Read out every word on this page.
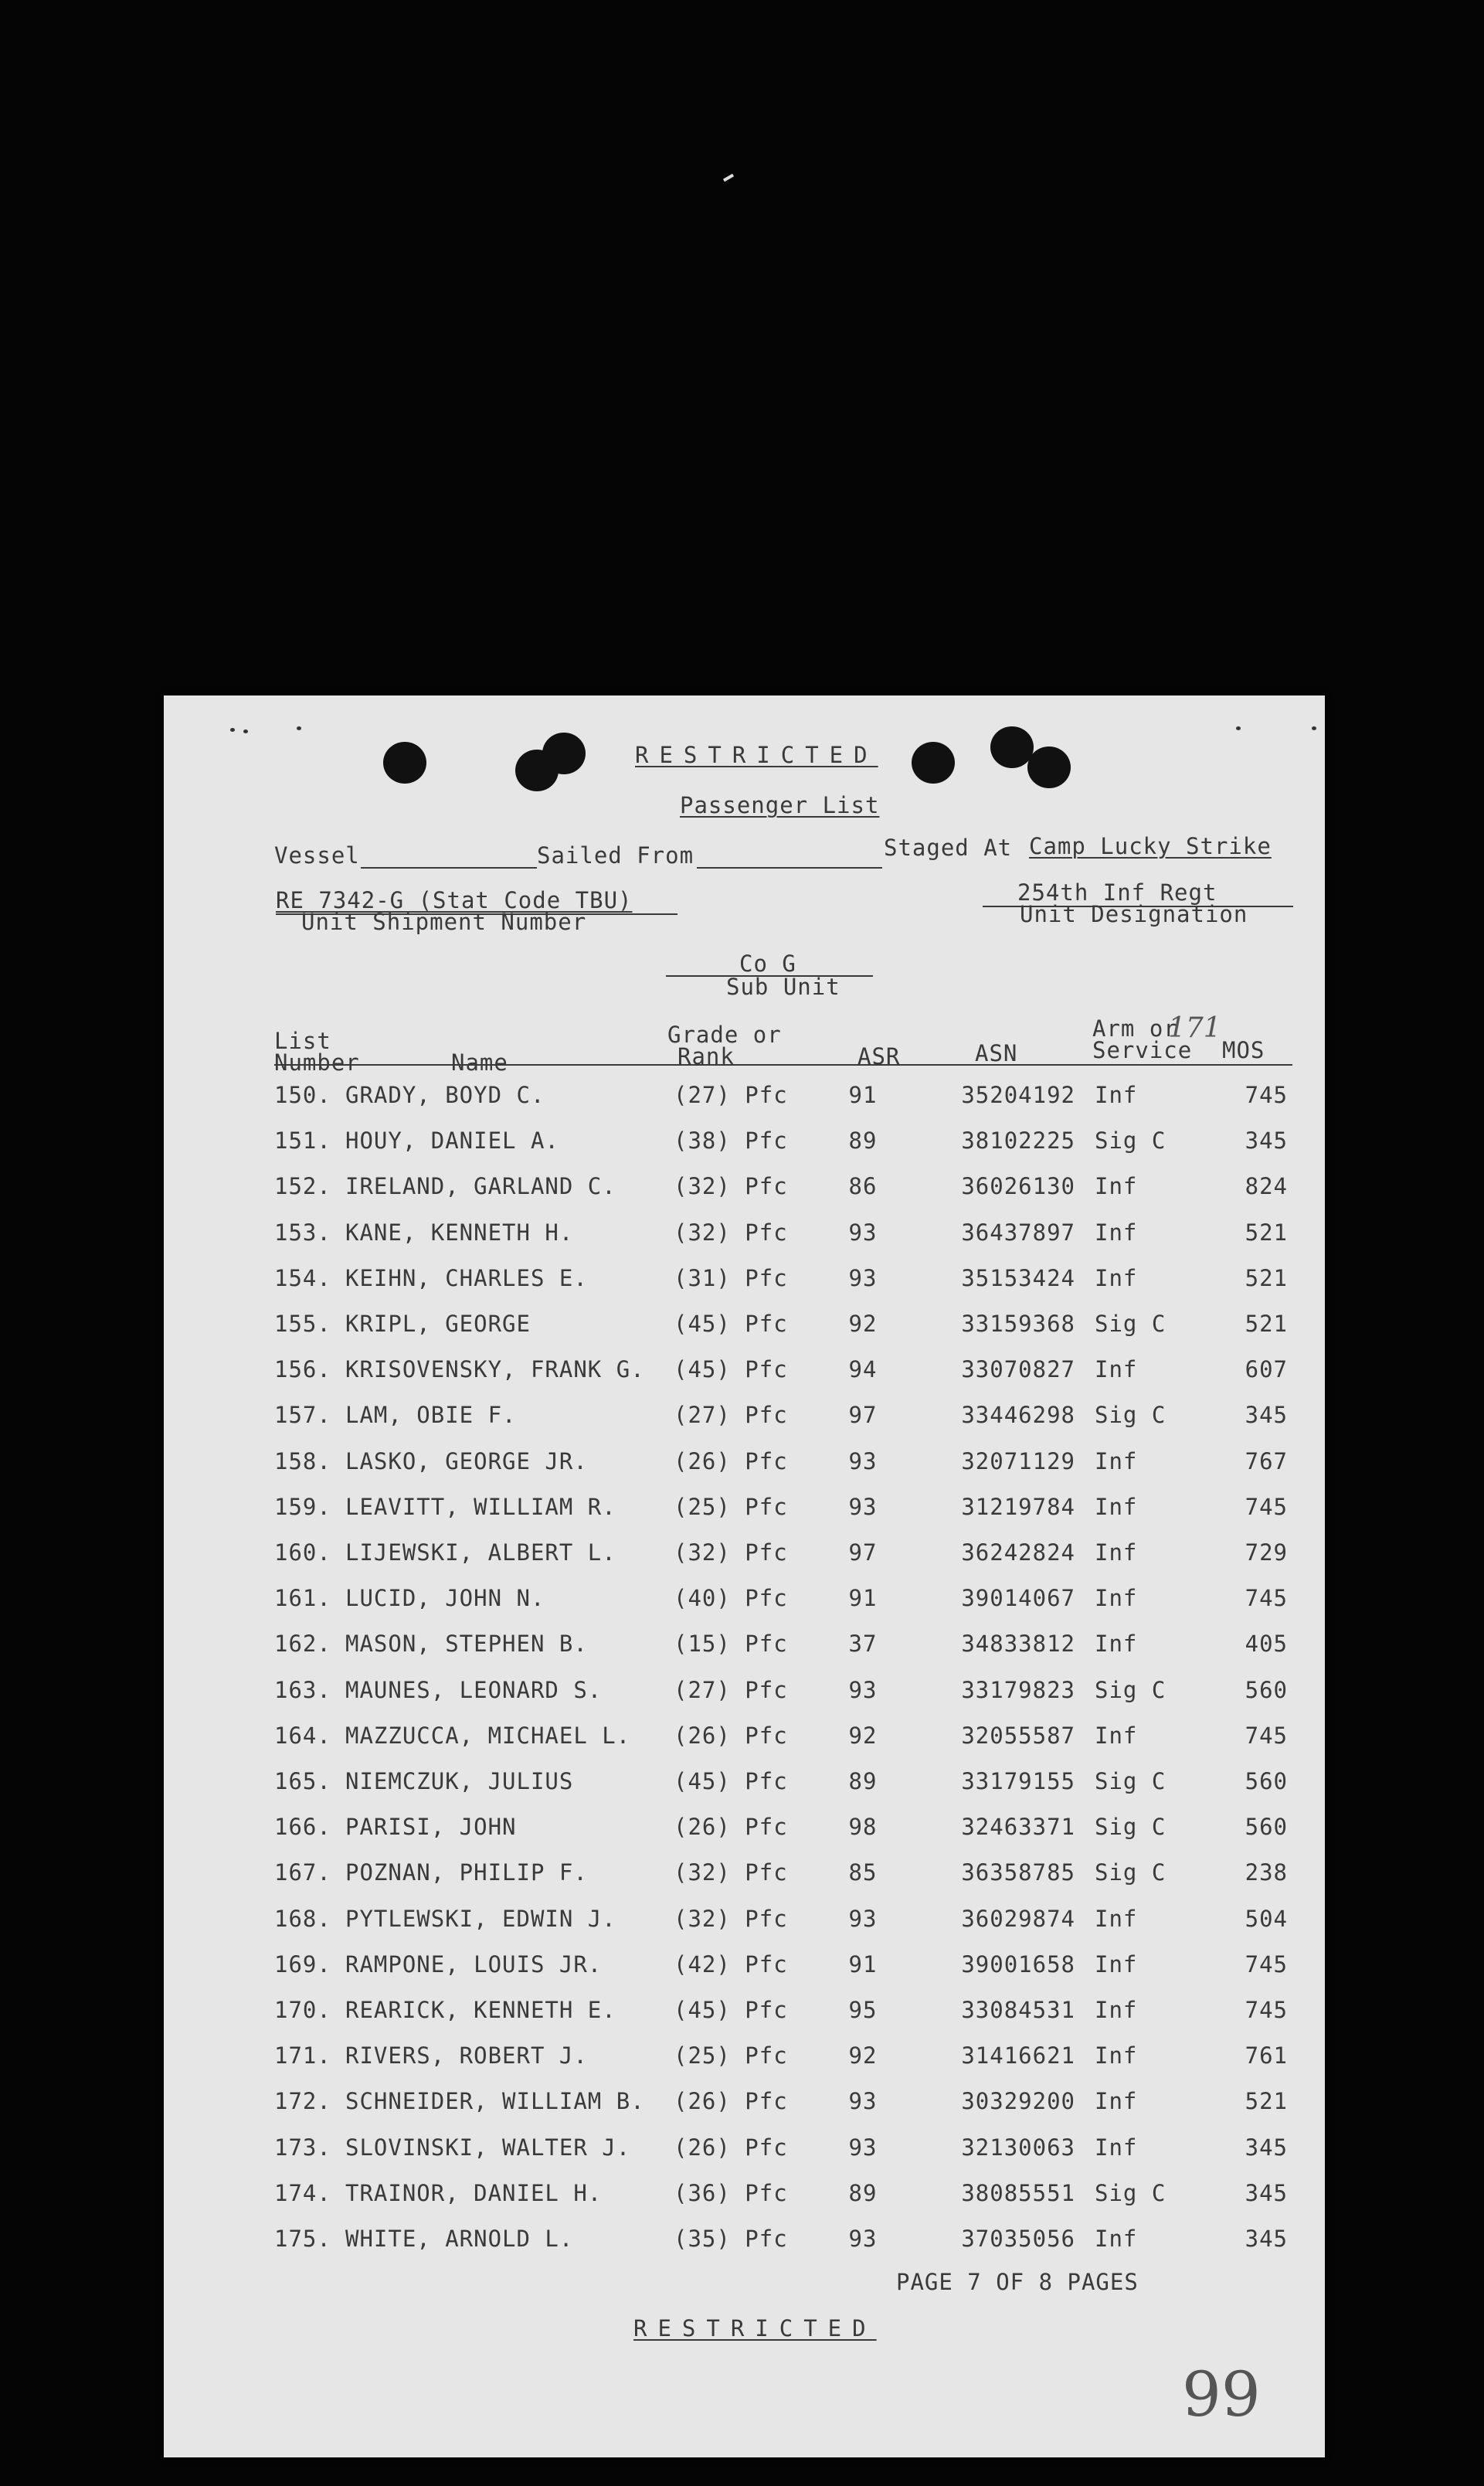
RESTRICTED
Passenger List
Vessel	Sailed From	Staged At Camp Lucky Strike
RE 7342-G (Stat Code TBU)
Unit Shipment Number
254th Inf Regt
Unit Designation
Co G
Sub Unit
List
Number	Name
Grade or
Rank	ASR	ASN
Arm or
Service MOS
171
150. GRADY, BOYD C.	(27) Pfc	91	35204192 Inf	745
151. HOUY, DANIEL A.	(38) Pfc	89	38102225 Sig C	345
152. IRELAND, GARLAND C.	(32) Pfc	86	36026130 Inf	824
153. KANE, KENNETH H.	(32) Pfc	93	36437897 Inf	521
154. KEIHN, CHARLES E.	(31) Pfc	93	35153424 Inf	521
155. KRIPL, GEORGE	(45) Pfc	92	33159368 Sig C	521
156. KRISOVENSKY, FRANK G. (45) Pfc	94	33070827 Inf	607
157. LAM, OBIE F.	(27) Pfc	97	33446298 Sig C	345
158. LASKO, GEORGE JR.	(26) Pfc	93	32071129 Inf	767
159. LEAVITT, WILLIAM R.	(25) Pfc	93	31219784 Inf	745
160. LIJEWSKI, ALBERT L.	(32) Pfc	97	36242824 Inf	729
161. LUCID, JOHN N.	(40) Pfc	91	39014067 Inf	745
162. MASON, STEPHEN B.	(15) Pfc	37	34833812 Inf	405
163. MAUNES, LEONARD S.	(27) Pfc	93	33179823 Sig C	560
164. MAZZUCCA, MICHAEL L. (26) Pfc	92	32055587 Inf	745
165. NIEMCZUK, JULIUS	(45) Pfc	89	33179155 Sig C	560
166. PARISI, JOHN	(26) Pfc	98	32463371 Sig C	560
167. POZNAN, PHILIP F.	(32) Pfc	85	36358785 Sig C	238
168. PYTLEWSKI, EDWIN J.	(32) Pfc	93	36029874 Inf	504
169. RAMPONE, LOUIS JR.	(42) Pfc	91	39001658 Inf	745
170. REARICK, KENNETH E.	(45) Pfc	95	33084531 Inf	745
171. RIVERS, ROBERT J.	(25) Pfc	92	31416621 Inf	761
172. SCHNEIDER, WILLIAM B. (26) Pfc	93	30329200 Inf	521
173. SLOVINSKI, WALTER J. (26) Pfc	93	32130063 Inf	345
174. TRAINOR, DANIEL H.	(36) Pfc	89	38085551 Sig C	345
175. WHITE, ARNOLD L.	(35) Pfc	93	37035056 Inf	345
PAGE 7 OF 8 PAGES
RESTRICTED
99
